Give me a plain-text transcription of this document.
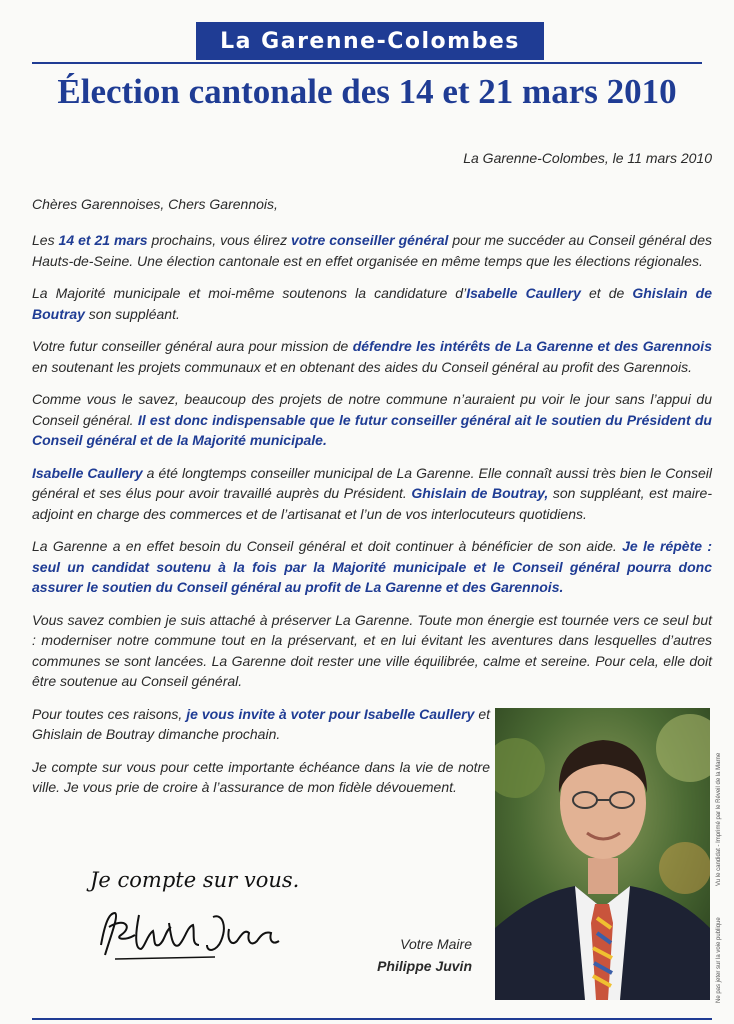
La Garenne-Colombes
Élection cantonale des 14 et 21 mars 2010
La Garenne-Colombes, le 11 mars 2010
Chères Garennoises, Chers Garennois,

Les 14 et 21 mars prochains, vous élirez votre conseiller général pour me succéder au Conseil général des Hauts-de-Seine. Une élection cantonale est en effet organisée en même temps que les élections régionales.

La Majorité municipale et moi-même soutenons la candidature d’Isabelle Caullery et de Ghislain de Boutray son suppléant.

Votre futur conseiller général aura pour mission de défendre les intérêts de La Garenne et des Garennois en soutenant les projets communaux et en obtenant des aides du Conseil général au profit des Garennois.

Comme vous le savez, beaucoup des projets de notre commune n’auraient pu voir le jour sans l’appui du Conseil général. Il est donc indispensable que le futur conseiller général ait le soutien du Président du Conseil général et de la Majorité municipale.

Isabelle Caullery a été longtemps conseiller municipal de La Garenne. Elle connaît aussi très bien le Conseil général et ses élus pour avoir travaillé auprès du Président. Ghislain de Boutray, son suppléant, est maire-adjoint en charge des commerces et de l’artisanat et l’un de vos interlocuteurs quotidiens.

La Garenne a en effet besoin du Conseil général et doit continuer à bénéficier de son aide. Je le répète : seul un candidat soutenu à la fois par la Majorité municipale et le Conseil général pourra donc assurer le soutien du Conseil général au profit de La Garenne et des Garennois.

Vous savez combien je suis attaché à préserver La Garenne. Toute mon énergie est tournée vers ce seul but : moderniser notre commune tout en la préservant, et en lui évitant les aventures dans lesquelles d’autres communes se sont lancées. La Garenne doit rester une ville équilibrée, calme et sereine. Pour cela, elle doit être soutenue au Conseil général.

Pour toutes ces raisons, je vous invite à voter pour Isabelle Caullery et Ghislain de Boutray dimanche prochain.

Je compte sur vous pour cette importante échéance dans la vie de notre ville. Je vous prie de croire à l’assurance de mon fidèle dévouement.	Vu le candidat - Imprimé par le Réveil de la Marne
Ne pas jeter sur la voie publique
Je compte sur vous.
Votre Maire
Philippe Juvin
